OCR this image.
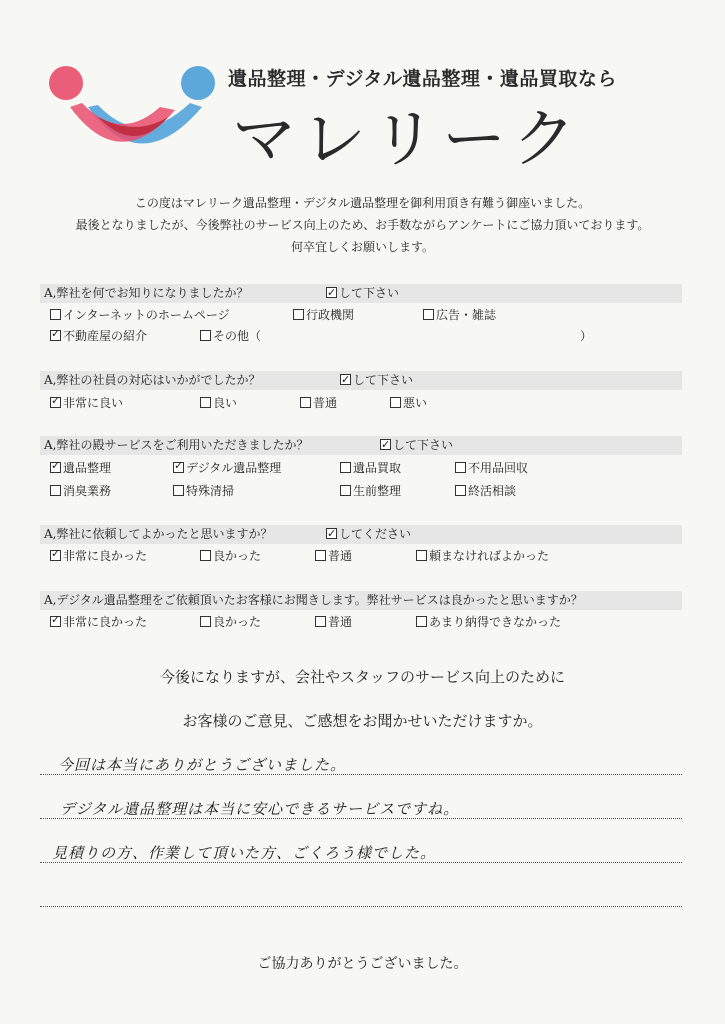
遺品整理・デジタル遺品整理・遺品買取なら
マレリーク
この度はマレリーク遺品整理・デジタル遺品整理を御利用頂き有難う御座いました。
最後となりましたが、今後弊社のサービス向上のため、お手数ながらアンケートにご協力頂いております。
何卒宜しくお願いします。
A,弊社を何でお知りになりましたか？ ✓	して下さい
インターネットのホームページ	行政機関	広告・雑誌
✓不動産屋の紹介	その他（	）
A,弊社の社員の対応はいかがでしたか？ ✓	して下さい
✓非常に良い	良い	普通	悪い
A,弊社の殿サービスをご利用いただきましたか？ ✓	して下さい
✓遺品整理 ✓	デジタル遺品整理	遺品買取	不用品回収
消臭業務	特殊清掃	生前整理	終活相談
A,弊社に依頼してよかったと思いますか？ ✓	してください
✓非常に良かった	良かった	普通	頼まなければよかった
A,デジタル遺品整理をご依頼頂いたお客様にお聞きします。弊社サービスは良かったと思いますか？
✓非常に良かった	良かった	普通	あまり納得できなかった
今後になりますが、会社やスタッフのサービス向上のために
お客様のご意見、ご感想をお聞かせいただけますか。
今回は本当にありがとうございました。
デジタル遺品整理は本当に安心できるサービスですね。
見積りの方、作業して頂いた方、ごくろう様でした。
ご協力ありがとうございました。
